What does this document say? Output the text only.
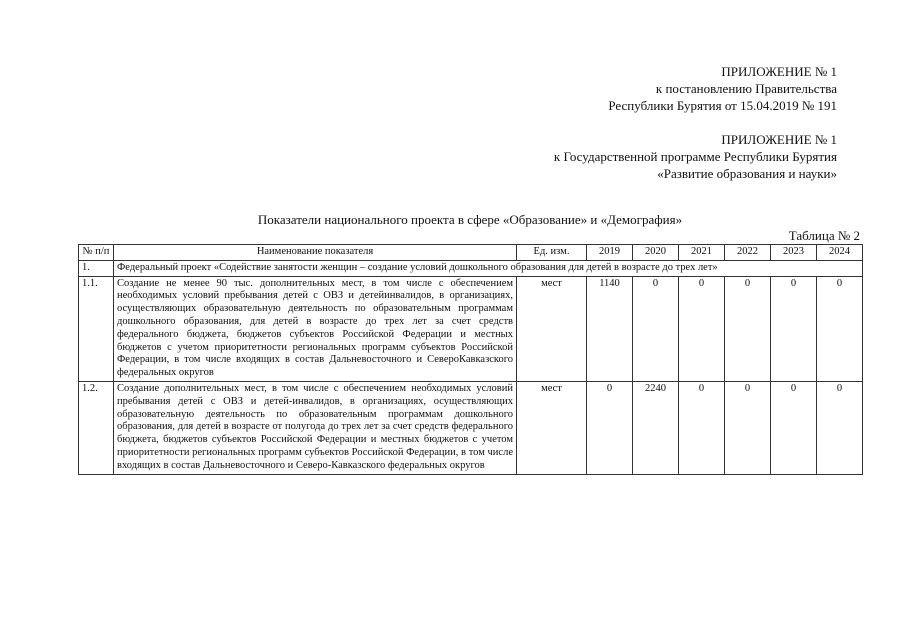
ПРИЛОЖЕНИЕ № 1
к постановлению Правительства
Республики Бурятия от 15.04.2019 № 191
ПРИЛОЖЕНИЕ № 1
к Государственной программе Республики Бурятия
«Развитие образования и науки»
Показатели национального проекта в сфере «Образование» и «Демография»
Таблица № 2
№ п/п	Наименование показателя	Ед. изм.	2019	2020	2021	2022	2023	2024
1.	Федеральный проект «Содействие занятости женщин – создание условий дошкольного образования для детей в возрасте до трех лет»							
1.1.	Создание не менее 90 тыс. дополнительных мест, в том числе с обеспечением необходимых условий пребывания детей с ОВЗ и детейинвалидов, в организациях, осуществляющих образовательную деятельность по образовательным программам дошкольного образования, для детей в возрасте до трех лет за счет средств федерального бюджета, бюджетов субъектов Российской Федерации и местных бюджетов с учетом приоритетности региональных программ субъектов Российской Федерации, в том числе входящих в состав Дальневосточного и СевероКавказского федеральных округов	мест	1140	0	0	0	0	0
1.2.	Создание дополнительных мест, в том числе с обеспечением необходимых условий пребывания детей с ОВЗ и детей-инвалидов, в организациях, осуществляющих образовательную деятельность по образовательным программам дошкольного образования, для детей в возрасте от полугода до трех лет за счет средств федерального бюджета, бюджетов субъектов Российской Федерации и местных бюджетов с учетом приоритетности региональных программ субъектов Российской Федерации, в том числе входящих в состав Дальневосточного и Северо-Кавказского федеральных округов	мест	0	2240	0	0	0	0
